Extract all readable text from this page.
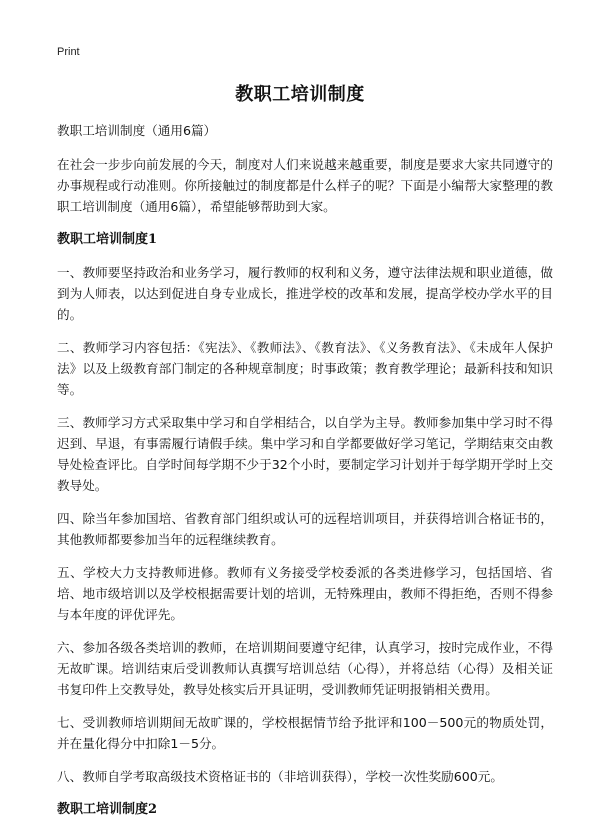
Print
教职工培训制度
教职工培训制度（通用6篇）
在社会一步步向前发展的今天，制度对人们来说越来越重要，制度是要求大家共同遵守的办事规程或行动准则。你所接触过的制度都是什么样子的呢？下面是小编帮大家整理的教职工培训制度（通用6篇），希望能够帮助到大家。
教职工培训制度1
一、教师要坚持政治和业务学习，履行教师的权利和义务，遵守法律法规和职业道德，做到为人师表，以达到促进自身专业成长，推进学校的改革和发展，提高学校办学水平的目的。
二、教师学习内容包括：《宪法》、《教师法》、《教育法》、《义务教育法》、《未成年人保护法》以及上级教育部门制定的各种规章制度；时事政策；教育教学理论；最新科技和知识等。
三、教师学习方式采取集中学习和自学相结合，以自学为主导。教师参加集中学习时不得迟到、早退，有事需履行请假手续。集中学习和自学都要做好学习笔记，学期结束交由教导处检查评比。自学时间每学期不少于32个小时，要制定学习计划并于每学期开学时上交教导处。
四、除当年参加国培、省教育部门组织或认可的远程培训项目，并获得培训合格证书的，其他教师都要参加当年的远程继续教育。
五、学校大力支持教师进修。教师有义务接受学校委派的各类进修学习，包括国培、省培、地市级培训以及学校根据需要计划的培训，无特殊理由，教师不得拒绝，否则不得参与本年度的评优评先。
六、参加各级各类培训的教师，在培训期间要遵守纪律，认真学习，按时完成作业，不得无故旷课。培训结束后受训教师认真撰写培训总结（心得），并将总结（心得）及相关证书复印件上交教导处，教导处核实后开具证明，受训教师凭证明报销相关费用。
七、受训教师培训期间无故旷课的，学校根据情节给予批评和100－500元的物质处罚，并在量化得分中扣除1－5分。
八、教师自学考取高级技术资格证书的（非培训获得），学校一次性奖励600元。
教职工培训制度2
